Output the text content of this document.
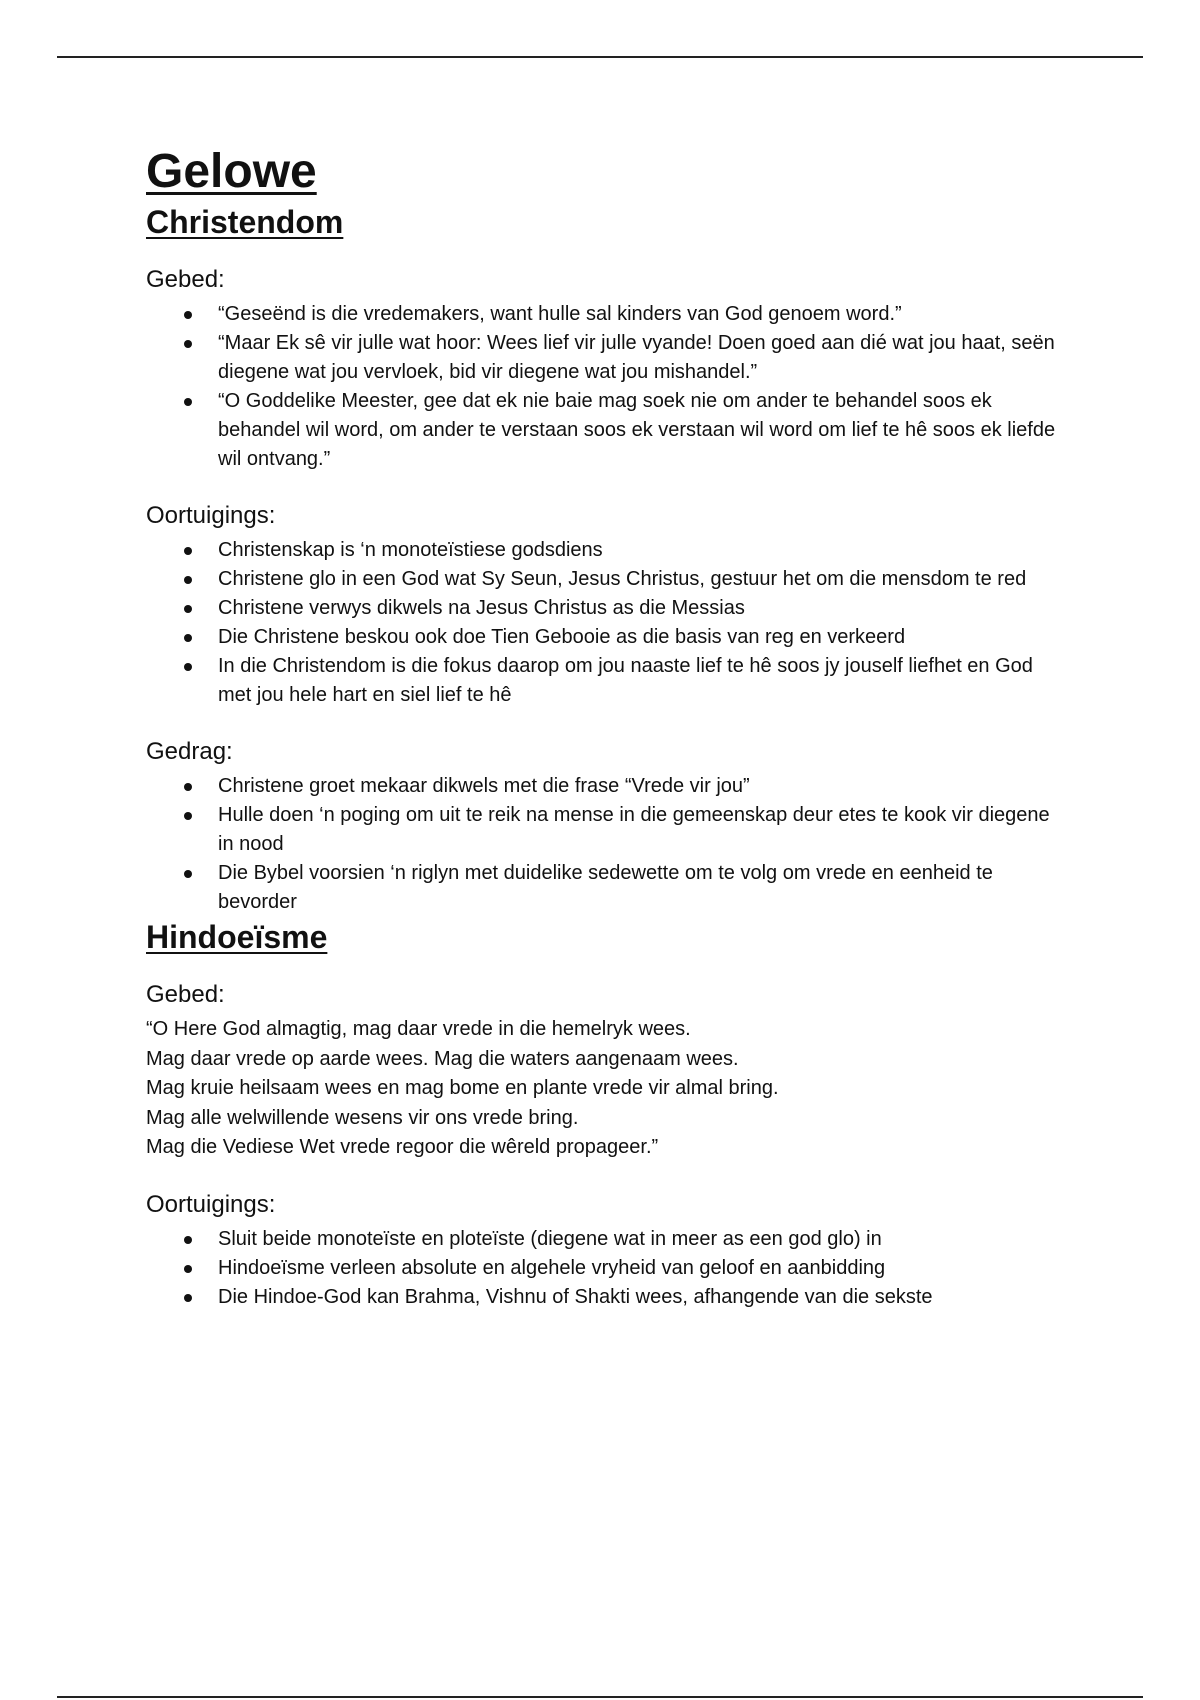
Gelowe
Christendom
Gebed:
“Geseënd is die vredemakers, want hulle sal kinders van God genoem word.”
“Maar Ek sê vir julle wat hoor: Wees lief vir julle vyande! Doen goed aan dié wat jou haat, seën diegene wat jou vervloek, bid vir diegene wat jou mishandel.”
“O Goddelike Meester, gee dat ek nie baie mag soek nie om ander te behandel soos ek behandel wil word, om ander te verstaan soos ek verstaan wil word om lief te hê soos ek liefde wil ontvang.”
Oortuigings:
Christenskap is ‘n monoteïstiese godsdiens
Christene glo in een God wat Sy Seun, Jesus Christus, gestuur het om die mensdom te red
Christene verwys dikwels na Jesus Christus as die Messias
Die Christene beskou ook doe Tien Gebooie as die basis van reg en verkeerd
In die Christendom is die fokus daarop om jou naaste lief te hê soos jy jouself liefhet en God met jou hele hart en siel lief te hê
Gedrag:
Christene groet mekaar dikwels met die frase “Vrede vir jou”
Hulle doen ‘n poging om uit te reik na mense in die gemeenskap deur etes te kook vir diegene in nood
Die Bybel voorsien ‘n riglyn met duidelike sedewette om te volg om vrede en eenheid te bevorder
Hindoeïsme
Gebed:
“O Here God almagtig, mag daar vrede in die hemelryk wees.
Mag daar vrede op aarde wees. Mag die waters aangenaam wees.
Mag kruie heilsaam wees en mag bome en plante vrede vir almal bring.
Mag alle welwillende wesens vir ons vrede bring.
Mag die Vediese Wet vrede regoor die wêreld propageer.”
Oortuigings:
Sluit beide monoteïste en ploteïste (diegene wat in meer as een god glo) in
Hindoeïsme verleen absolute en algehele vryheid van geloof en aanbidding
Die Hindoe-God kan Brahma, Vishnu of Shakti wees, afhangende van die sekste
